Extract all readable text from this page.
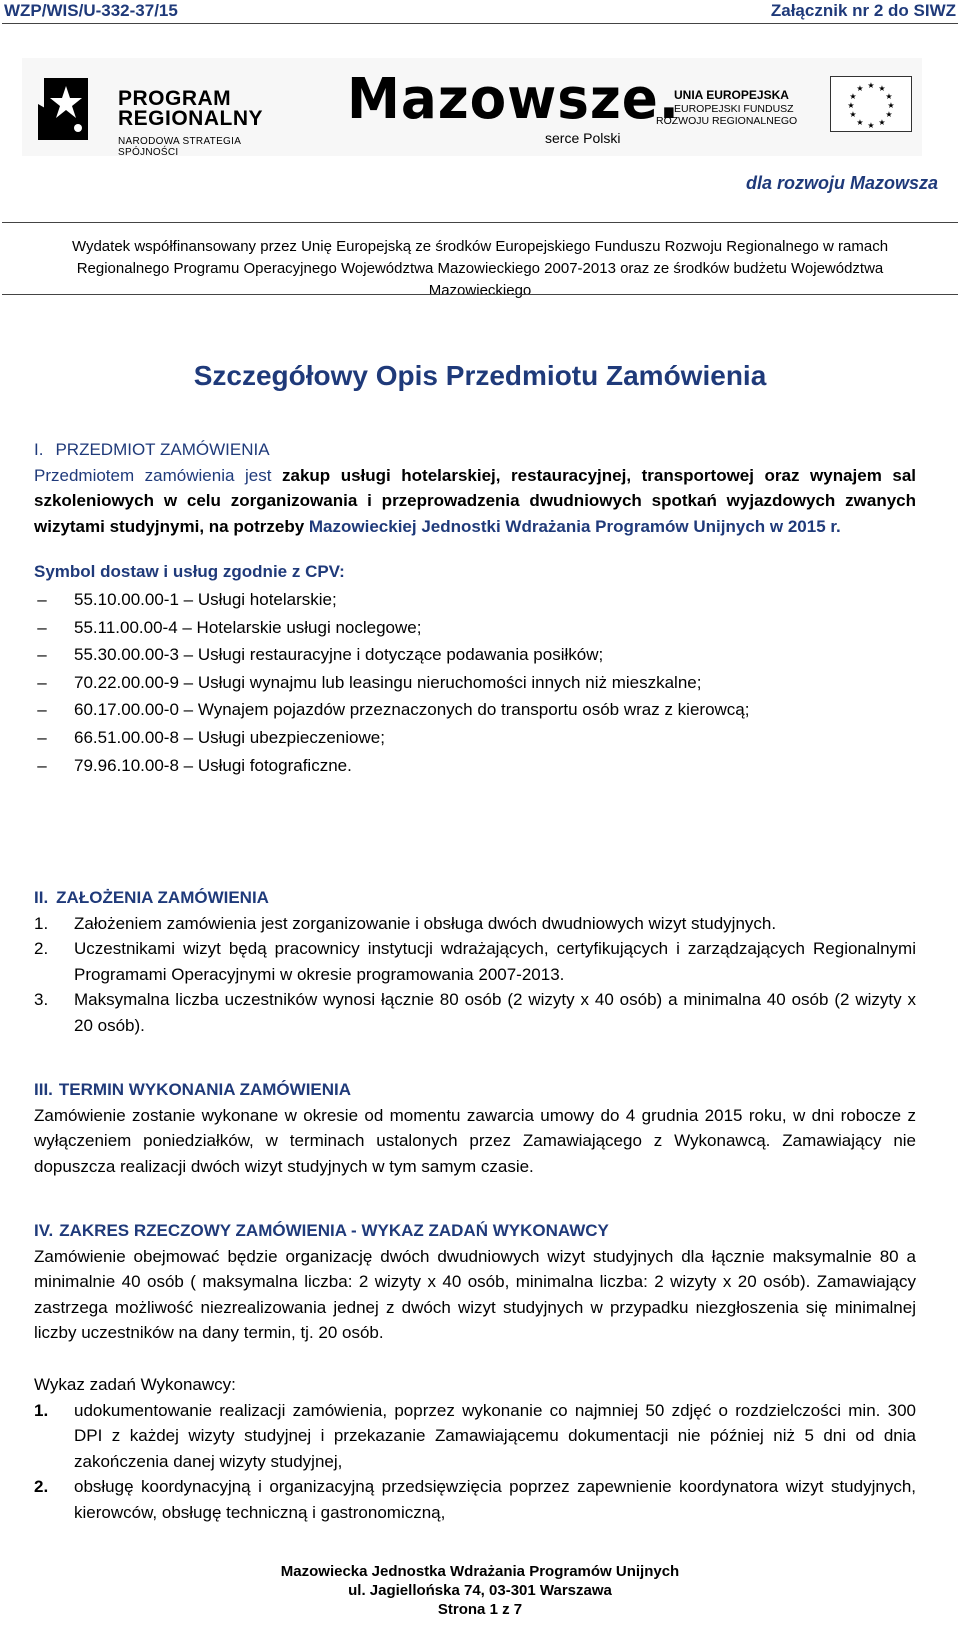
WZP/WIS/U-332-37/15	Załącznik nr 2 do SIWZ
PROGRAM
REGIONALNY
NARODOWA STRATEGIA SPÓJNOŚCI
Mazowsze.
serce Polski
UNIA EUROPEJSKA
EUROPEJSKI FUNDUSZ
ROZWOJU REGIONALNEGO
★ ★
★
★
★
★
★
★
★
★
★
★
dla rozwoju Mazowsza
Wydatek współfinansowany przez Unię Europejską ze środków Europejskiego Funduszu Rozwoju Regionalnego w ramach
Regionalnego Programu Operacyjnego Województwa Mazowieckiego 2007-2013 oraz ze środków budżetu Województwa
Mazowieckiego
Szczegółowy Opis Przedmiotu Zamówienia

I. PRZEDMIOT ZAMÓWIENIA

Przedmiotem zamówienia jest zakup usługi hotelarskiej, restauracyjnej, transportowej oraz wynajem sal szkoleniowych w celu zorganizowania i przeprowadzenia dwudniowych spotkań wyjazdowych zwanych wizytami studyjnymi, na potrzeby Mazowieckiej Jednostki Wdrażania Programów Unijnych w 2015 r.

Symbol dostaw i usług zgodnie z CPV:

–	55.10.00.00-1 – Usługi hotelarskie;
–	55.11.00.00-4 – Hotelarskie usługi noclegowe;
–	55.30.00.00-3 – Usługi restauracyjne i dotyczące podawania posiłków;
–	70.22.00.00-9 – Usługi wynajmu lub leasingu nieruchomości innych niż mieszkalne;
–	60.17.00.00-0 – Wynajem pojazdów przeznaczonych do transportu osób wraz z kierowcą;
–	66.51.00.00-8 – Usługi ubezpieczeniowe;
–	79.96.10.00-8 – Usługi fotograficzne.

II. ZAŁOŻENIA ZAMÓWIENIA

1. Założeniem zamówienia jest zorganizowanie i obsługa dwóch dwudniowych wizyt studyjnych.
2. Uczestnikami wizyt będą pracownicy instytucji wdrażających, certyfikujących i zarządzających Regionalnymi Programami Operacyjnymi w okresie programowania 2007-2013.
3. Maksymalna liczba uczestników wynosi łącznie 80 osób (2 wizyty x 40 osób) a minimalna 40 osób (2 wizyty x 20 osób).

III. TERMIN WYKONANIA ZAMÓWIENIA

Zamówienie zostanie wykonane w okresie od momentu zawarcia umowy do 4 grudnia 2015 roku, w dni robocze z wyłączeniem poniedziałków, w terminach ustalonych przez Zamawiającego z Wykonawcą. Zamawiający nie dopuszcza realizacji dwóch wizyt studyjnych w tym samym czasie.

IV. ZAKRES RZECZOWY ZAMÓWIENIA - WYKAZ ZADAŃ WYKONAWCY

Zamówienie obejmować będzie organizację dwóch dwudniowych wizyt studyjnych dla łącznie maksymalnie 80 a minimalnie 40 osób ( maksymalna liczba: 2 wizyty x 40 osób, minimalna liczba: 2 wizyty x 20 osób). Zamawiający zastrzega możliwość niezrealizowania jednej z dwóch wizyt studyjnych w przypadku niezgłoszenia się minimalnej liczby uczestników na dany termin, tj. 20 osób.

Wykaz zadań Wykonawcy:

1. udokumentowanie realizacji zamówienia, poprzez wykonanie co najmniej 50 zdjęć o rozdzielczości min. 300 DPI z każdej wizyty studyjnej i przekazanie Zamawiającemu dokumentacji nie później niż 5 dni od dnia zakończenia danej wizyty studyjnej,
2. obsługę koordynacyjną i organizacyjną przedsięwzięcia poprzez zapewnienie koordynatora wizyt studyjnych, kierowców, obsługę techniczną i gastronomiczną,
Mazowiecka Jednostka Wdrażania Programów Unijnych
ul. Jagiellońska 74, 03-301 Warszawa
Strona 1 z 7
